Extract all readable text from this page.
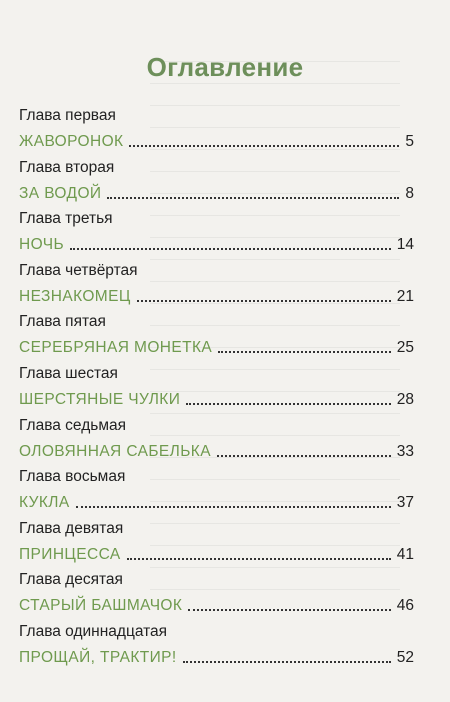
Оглавление
Глава первая
ЖАВОРОНОК	5
Глава вторая
ЗА ВОДОЙ	8
Глава третья
НОЧЬ	14
Глава четвёртая
НЕЗНАКОМЕЦ	21
Глава пятая
СЕРЕБРЯНАЯ МОНЕТКА	25
Глава шестая
ШЕРСТЯНЫЕ ЧУЛКИ	28
Глава седьмая
ОЛОВЯННАЯ САБЕЛЬКА	33
Глава восьмая
КУКЛА	37
Глава девятая
ПРИНЦЕССА	41
Глава десятая
СТАРЫЙ БАШМАЧОК	46
Глава одиннадцатая
ПРОЩАЙ, ТРАКТИР!	52
